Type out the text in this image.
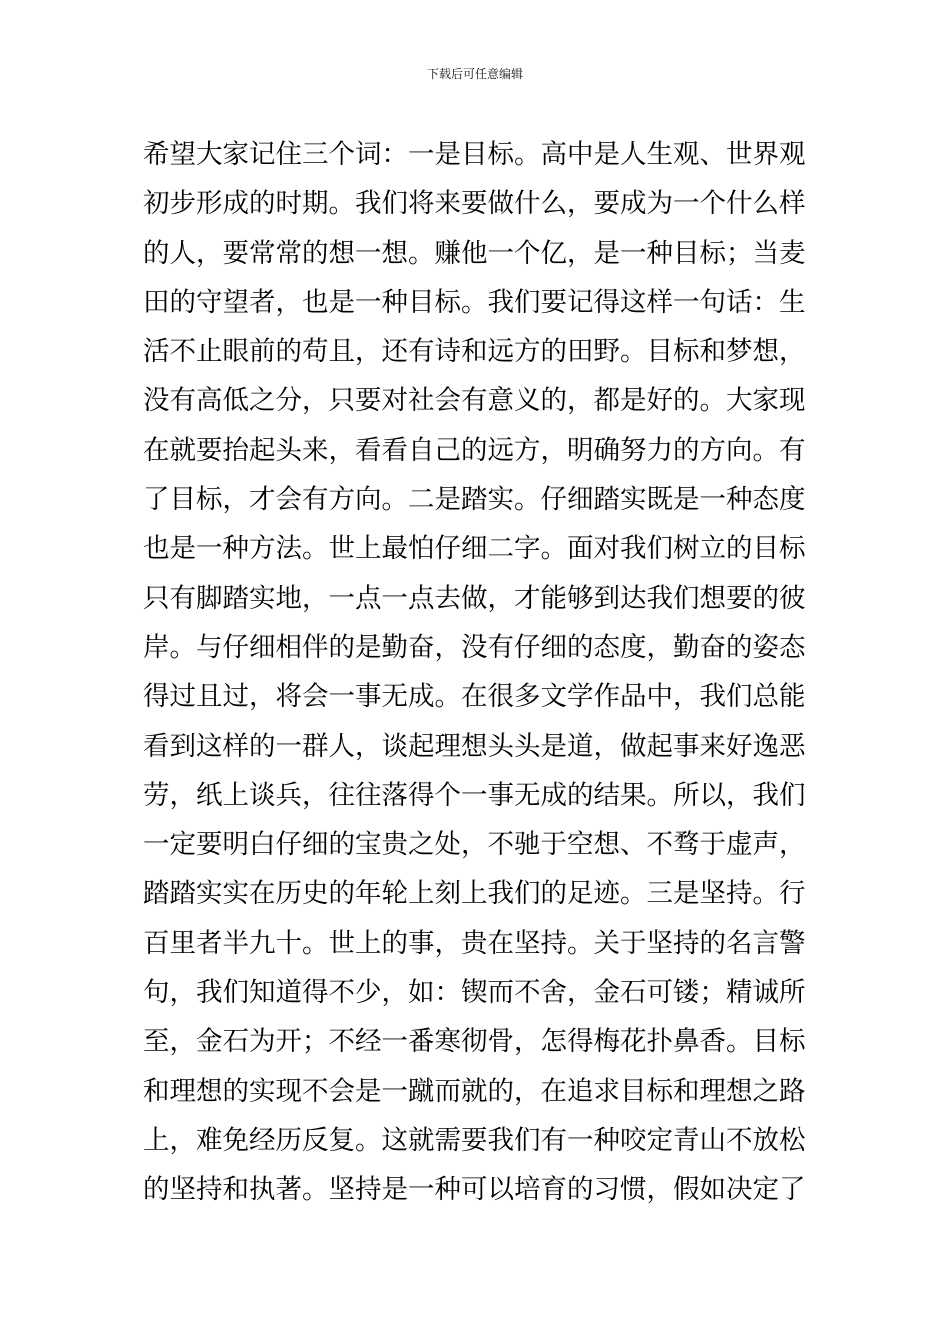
下载后可任意编辑
希望大家记住三个词：一是目标。高中是人生观、世界观
初步形成的时期。我们将来要做什么，要成为一个什么样
的人，要常常的想一想。赚他一个亿，是一种目标；当麦
田的守望者，也是一种目标。我们要记得这样一句话：生
活不止眼前的苟且，还有诗和远方的田野。目标和梦想，
没有高低之分，只要对社会有意义的，都是好的。大家现
在就要抬起头来，看看自己的远方，明确努力的方向。有
了目标，才会有方向。二是踏实。仔细踏实既是一种态度
也是一种方法。世上最怕仔细二字。面对我们树立的目标
只有脚踏实地，一点一点去做，才能够到达我们想要的彼
岸。与仔细相伴的是勤奋，没有仔细的态度，勤奋的姿态
得过且过，将会一事无成。在很多文学作品中，我们总能
看到这样的一群人，谈起理想头头是道，做起事来好逸恶
劳，纸上谈兵，往往落得个一事无成的结果。所以，我们
一定要明白仔细的宝贵之处，不驰于空想、不骛于虚声，
踏踏实实在历史的年轮上刻上我们的足迹。三是坚持。行
百里者半九十。世上的事，贵在坚持。关于坚持的名言警
句，我们知道得不少，如：锲而不舍，金石可镂；精诚所
至，金石为开；不经一番寒彻骨，怎得梅花扑鼻香。目标
和理想的实现不会是一蹴而就的，在追求目标和理想之路
上，难免经历反复。这就需要我们有一种咬定青山不放松
的坚持和执著。坚持是一种可以培育的习惯，假如决定了
